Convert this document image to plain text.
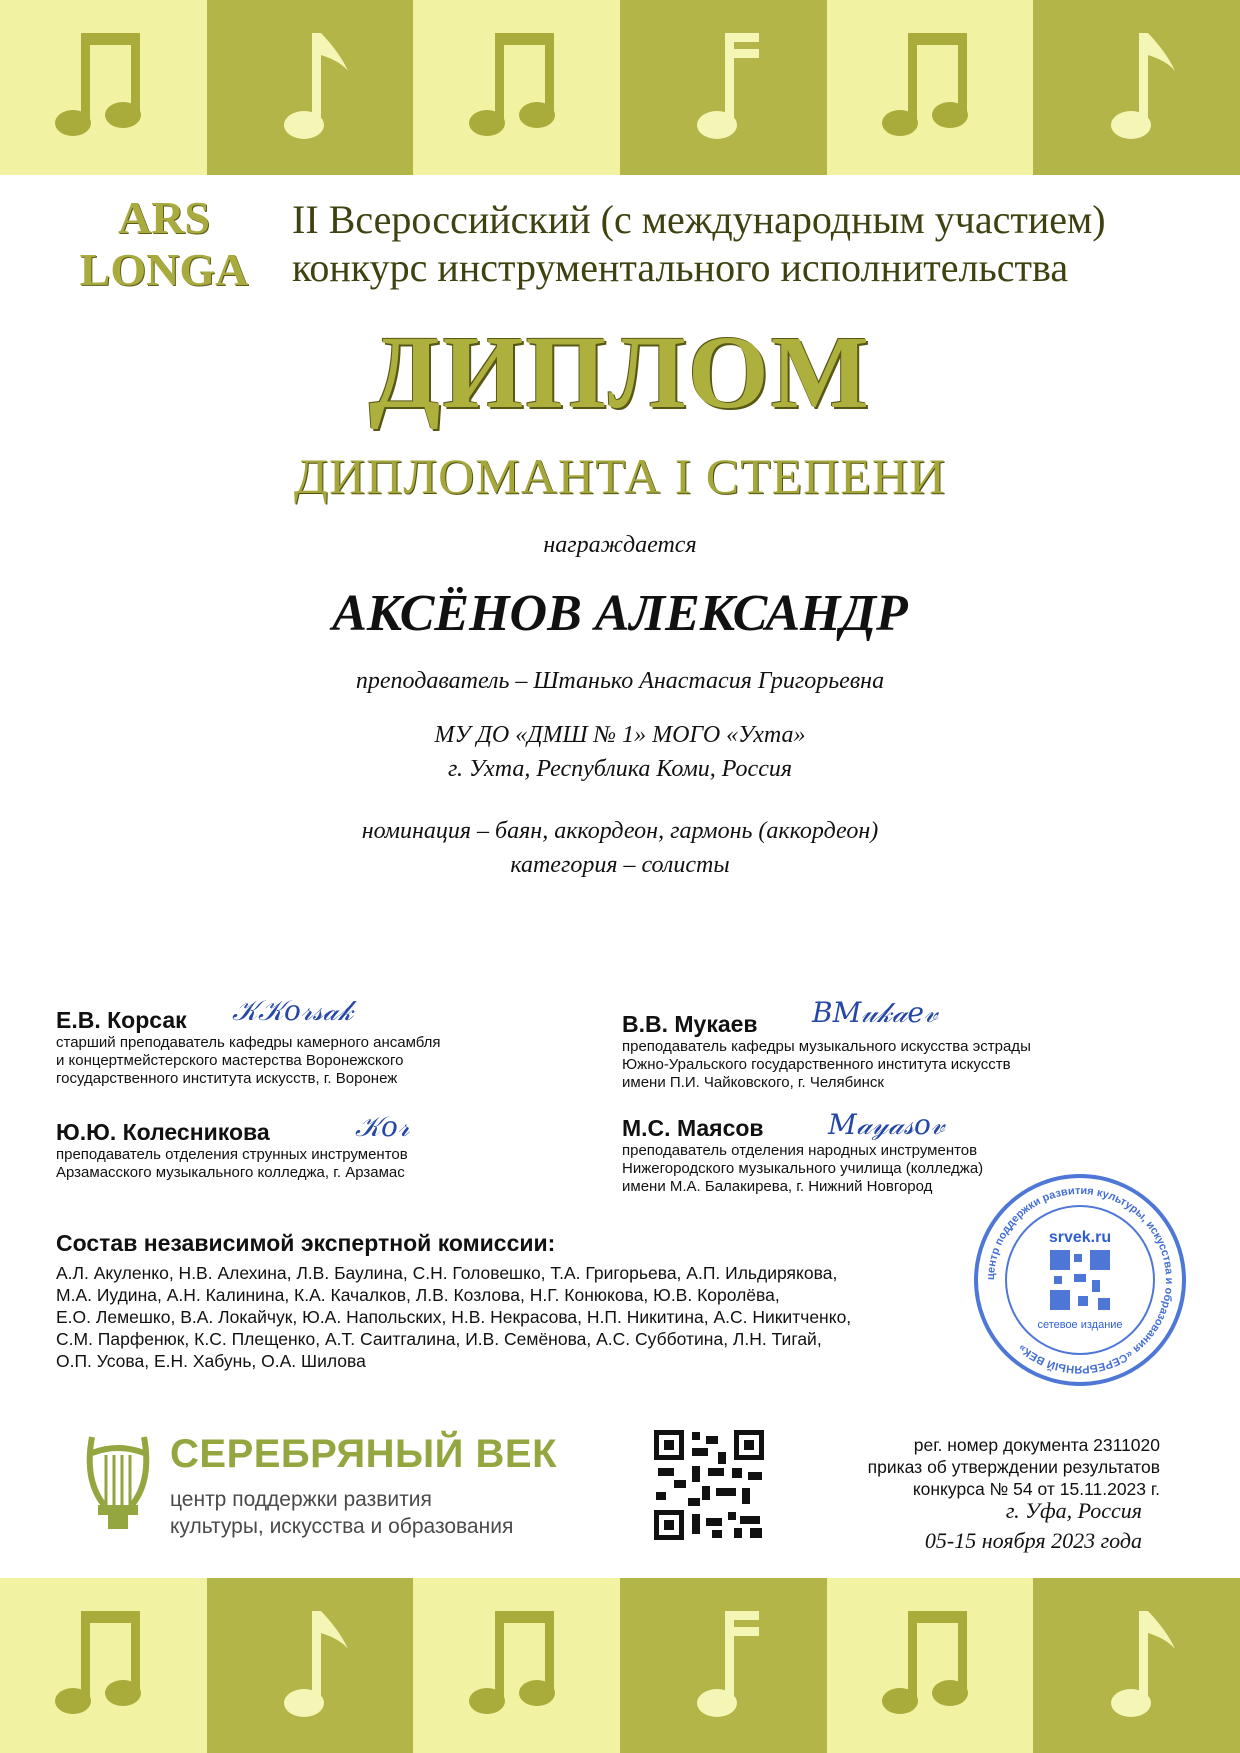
ARS
LONGA
II Всероссийский (с международным участием)
конкурс инструментального исполнительства
ДИПЛОМ
ДИПЛОМАНТА I СТЕПЕНИ
награждается
АКСЁНОВ АЛЕКСАНДР
преподаватель – Штанько Анастасия Григорьевна
МУ ДО «ДМШ № 1» МОГО «Ухта»
г. Ухта, Республика Коми, Россия
номинация – баян, аккордеон, гармонь (аккордеон)
категория – солисты
Е.В. Корсак
старший преподаватель кафедры камерного ансамбля
и концертмейстерского мастерства Воронежского
государственного института искусств, г. Воронеж
𝒦𝒦𝑜𝓇𝓈𝒶𝓀	В.В. Мукаев
преподаватель кафедры музыкального искусства эстрады
Южно-Уральского государственного института искусств
имени П.И. Чайковского, г. Челябинск
𝐵𝑀𝓊𝓀𝒶𝑒𝓋
Ю.Ю. Колесникова
преподаватель отделения струнных инструментов
Арзамасского музыкального колледжа, г. Арзамас
𝒦𝑜𝓇	М.С. Маясов
преподаватель отделения народных инструментов
Нижегородского музыкального училища (колледжа)
имени М.А. Балакирева, г. Нижний Новгород
𝑀𝒶𝓎𝒶𝓈𝑜𝓋
Состав независимой экспертной комиссии:
А.Л. Акуленко, Н.В. Алехина, Л.В. Баулина, С.Н. Головешко, Т.А. Григорьева, А.П. Ильдирякова,
М.А. Иудина, А.Н. Калинина, К.А. Качалков, Л.В. Козлова, Н.Г. Конюкова, Ю.В. Королёва,
Е.О. Лемешко, В.А. Локайчук, Ю.А. Напольских, Н.В. Некрасова, Н.П. Никитина, А.С. Никитченко,
С.М. Парфенюк, К.С. Плещенко, А.Т. Саитгалина, И.В. Семёнова, А.С. Субботина, Л.Н. Тигай,
О.П. Усова, Е.Н. Хабунь, О.А. Шилова
центр поддержки развития культуры, искусства и образования «СЕРЕБРЯНЫЙ ВЕК»
srvek.ru
сетевое издание
СЕРЕБРЯНЫЙ ВЕК
центр поддержки развития
культуры, искусства и образования
рег. номер документа 2311020
приказ об утверждении результатов
конкурса № 54 от 15.11.2023 г.
г. Уфа, Россия
05-15 ноября 2023 года
